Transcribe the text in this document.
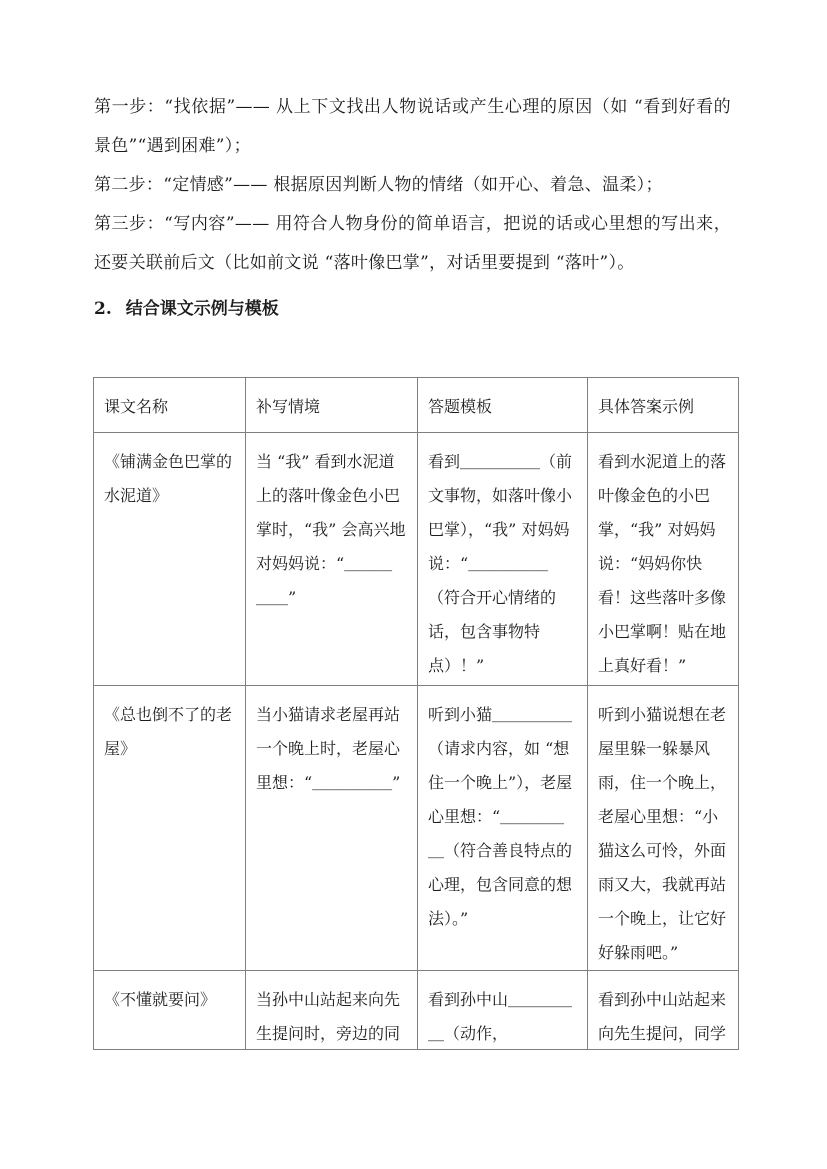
第一步：“找依据”—— 从上下文找出人物说话或产生心理的原因（如 “看到好看的景色”“遇到困难”）；

第二步：“定情感”—— 根据原因判断人物的情绪（如开心、着急、温柔）；

第三步：“写内容”—— 用符合人物身份的简单语言，把说的话或心里想的写出来，还要关联前后文（比如前文说 “落叶像巴掌”，对话里要提到 “落叶”）。

2. 结合课文示例与模板
课文名称	补写情境	答题模板	具体答案示例

《铺满金色巴掌的水泥道》	当 “我” 看到水泥道上的落叶像金色小巴掌时，“我” 会高兴地对妈妈说：“＿＿＿＿＿”	看到＿＿＿＿＿（前文事物，如落叶像小巴掌），“我” 对妈妈说：“＿＿＿＿＿（符合开心情绪的话，包含事物特点）！”	看到水泥道上的落叶像金色的小巴掌，“我” 对妈妈说：“妈妈你快看！这些落叶多像小巴掌啊！贴在地上真好看！”

《总也倒不了的老屋》	当小猫请求老屋再站一个晚上时，老屋心里想：“＿＿＿＿＿”	听到小猫＿＿＿＿＿（请求内容，如 “想住一个晚上”），老屋心里想：“＿＿＿＿＿（符合善良特点的心理，包含同意的想法）。”	听到小猫说想在老屋里躲一躲暴风雨，住一个晚上，老屋心里想：“小猫这么可怜，外面雨又大，我就再站一个晚上，让它好好躲雨吧。”

《不懂就要问》	当孙中山站起来向先生提问时，旁边的同	看到孙中山＿＿＿＿＿（动作，	看到孙中山站起来向先生提问，同学
